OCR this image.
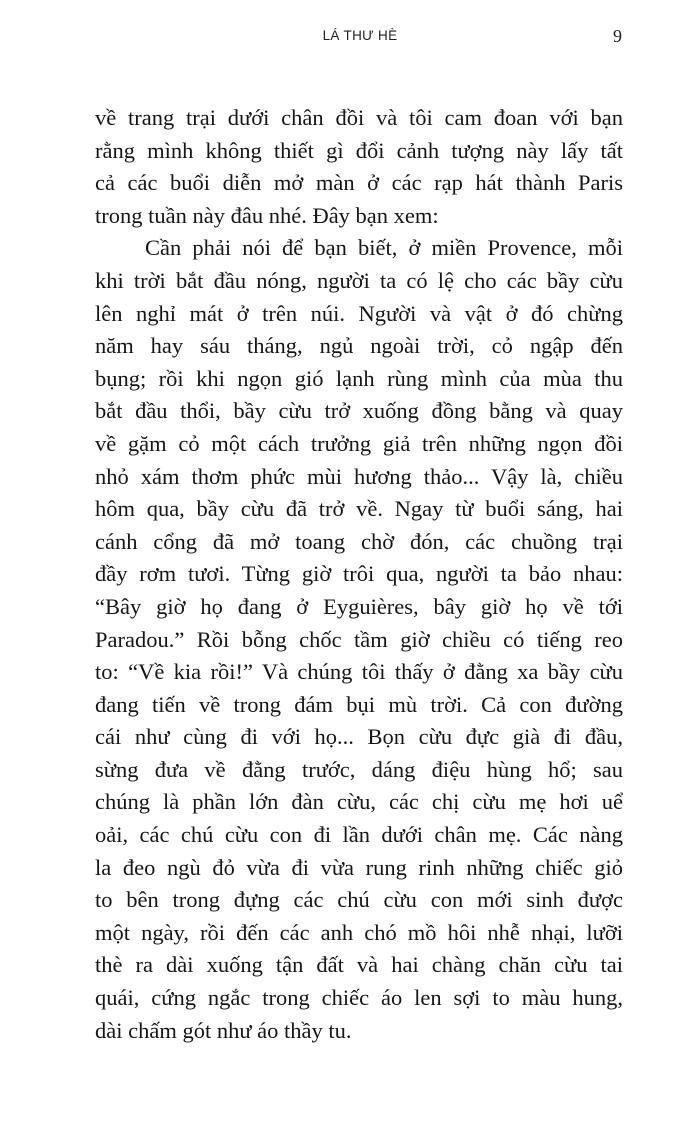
LÁ THƯ HÈ	9
về trang trại dưới chân đồi và tôi cam đoan với bạn
rằng mình không thiết gì đổi cảnh tượng này lấy tất
cả các buổi diễn mở màn ở các rạp hát thành Paris
trong tuần này đâu nhé. Đây bạn xem:
Cần phải nói để bạn biết, ở miền Provence, mỗi
khi trời bắt đầu nóng, người ta có lệ cho các bầy cừu
lên nghỉ mát ở trên núi. Người và vật ở đó chừng
năm hay sáu tháng, ngủ ngoài trời, cỏ ngập đến
bụng; rồi khi ngọn gió lạnh rùng mình của mùa thu
bắt đầu thổi, bầy cừu trở xuống đồng bằng và quay
về gặm cỏ một cách trưởng giả trên những ngọn đồi
nhỏ xám thơm phức mùi hương thảo... Vậy là, chiều
hôm qua, bầy cừu đã trở về. Ngay từ buổi sáng, hai
cánh cổng đã mở toang chờ đón, các chuồng trại
đầy rơm tươi. Từng giờ trôi qua, người ta bảo nhau:
“Bây giờ họ đang ở Eyguières, bây giờ họ về tới
Paradou.” Rồi bỗng chốc tầm giờ chiều có tiếng reo
to: “Về kia rồi!” Và chúng tôi thấy ở đằng xa bầy cừu
đang tiến về trong đám bụi mù trời. Cả con đường
cái như cùng đi với họ... Bọn cừu đực già đi đầu,
sừng đưa về đằng trước, dáng điệu hùng hổ; sau
chúng là phần lớn đàn cừu, các chị cừu mẹ hơi uể
oải, các chú cừu con đi lần dưới chân mẹ. Các nàng
la đeo ngù đỏ vừa đi vừa rung rinh những chiếc giỏ
to bên trong đựng các chú cừu con mới sinh được
một ngày, rồi đến các anh chó mồ hôi nhễ nhại, lưỡi
thè ra dài xuống tận đất và hai chàng chăn cừu tai
quái, cứng ngắc trong chiếc áo len sợi to màu hung,
dài chấm gót như áo thầy tu.
